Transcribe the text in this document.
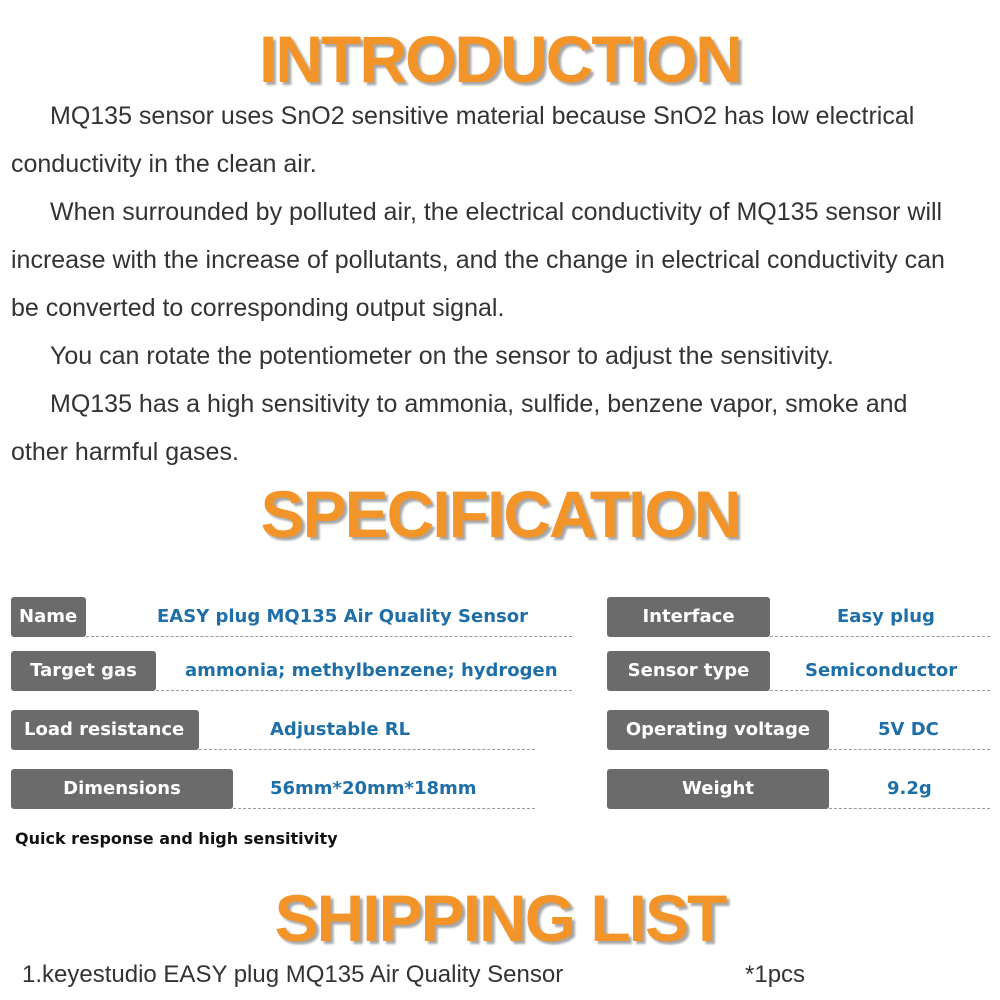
INTRODUCTION
MQ135 sensor uses SnO2 sensitive material because SnO2 has low electrical
conductivity in the clean air.
When surrounded by polluted air, the electrical conductivity of MQ135 sensor will
increase with the increase of pollutants, and the change in electrical conductivity can
be converted to corresponding output signal.
You can rotate the potentiometer on the sensor to adjust the sensitivity.
MQ135 has a high sensitivity to ammonia, sulfide, benzene vapor, smoke and
other harmful gases.
SPECIFICATION
Name	EASY plug MQ135 Air Quality Sensor	Interface	Easy plug
Target gas	ammonia; methylbenzene; hydrogen	Sensor type	Semiconductor
Load resistance	Adjustable RL	Operating voltage	5V DC
Dimensions	56mm*20mm*18mm	Weight	9.2g
Quick response and high sensitivity
SHIPPING LIST
1.keyestudio EASY plug MQ135 Air Quality Sensor	*1pcs
